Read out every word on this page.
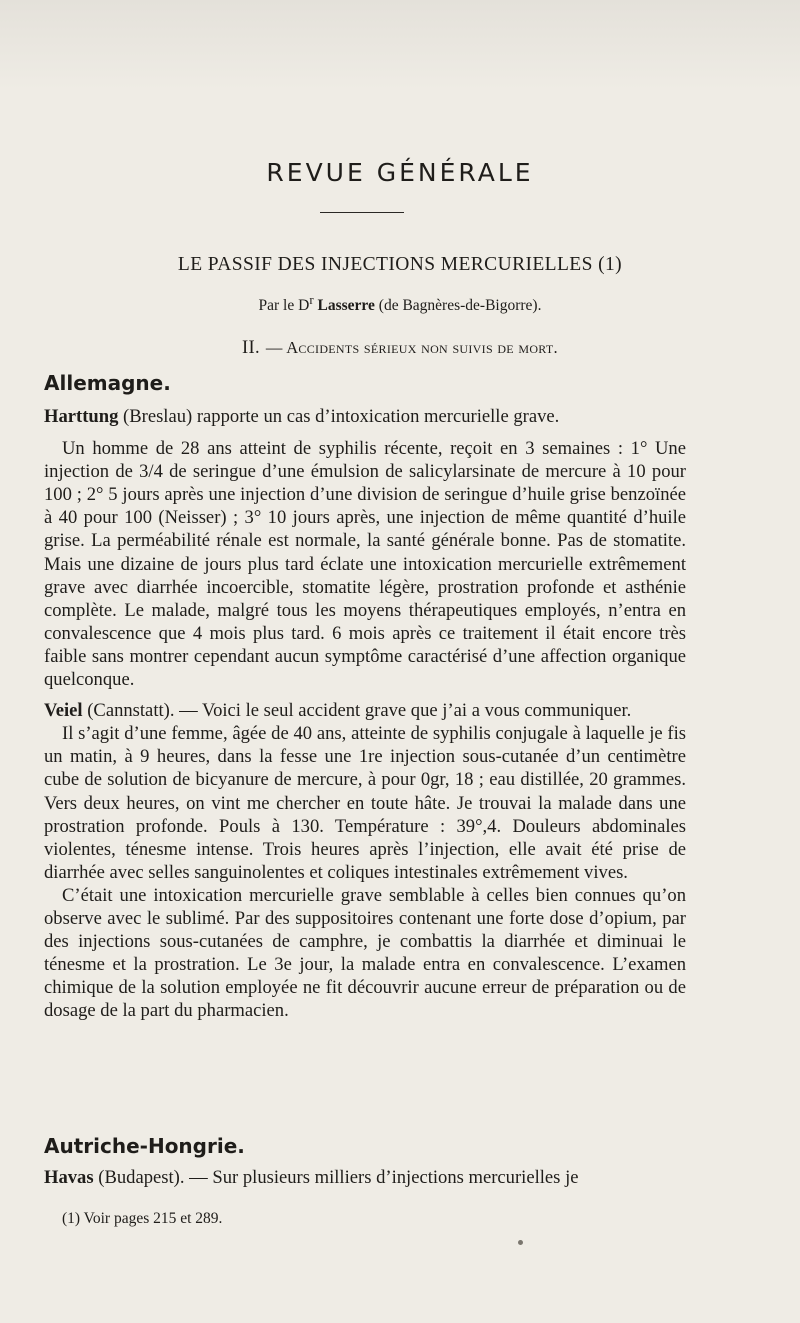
REVUE GÉNÉRALE
LE PASSIF DES INJECTIONS MERCURIELLES (1)
Par le $D^r$ Lasserre (de Bagnères-de-Bigorre).
II. — Accidents sérieux non suivis de mort.
Allemagne.

Harttung (Breslau) rapporte un cas d’intoxication mercurielle grave.

Un homme de 28 ans atteint de syphilis récente, reçoit en 3 semaines : 1° Une injection de 3/4 de seringue d’une émulsion de salicylarsinate de mercure à 10 pour 100 ; 2° 5 jours après une injection d’une division de seringue d’huile grise benzoïnée à 40 pour 100 (Neisser) ; 3° 10 jours après, une injection de même quantité d’huile grise. La perméabilité rénale est normale, la santé générale bonne. Pas de stomatite. Mais une dizaine de jours plus tard éclate une intoxication mercurielle extrêmement grave avec diarrhée incoercible, stomatite légère, prostration profonde et asthénie complète. Le malade, malgré tous les moyens thérapeutiques employés, n’entra en convalescence que 4 mois plus tard. 6 mois après ce traitement il était encore très faible sans montrer cependant aucun symptôme caractérisé d’une affection organique quelconque.

Veiel (Cannstatt). — Voici le seul accident grave que j’ai a vous communiquer.

Il s’agit d’une femme, âgée de 40 ans, atteinte de syphilis conjugale à laquelle je fis un matin, à 9 heures, dans la fesse une 1re injection sous-cutanée d’un centimètre cube de solution de bicyanure de mercure, à pour 0gr, 18 ; eau distillée, 20 grammes. Vers deux heures, on vint me chercher en toute hâte. Je trouvai la malade dans une prostration profonde. Pouls à 130. Température : 39°,4. Douleurs abdominales violentes, ténesme intense. Trois heures après l’injection, elle avait été prise de diarrhée avec selles sanguinolentes et coliques intestinales extrêmement vives.

C’était une intoxication mercurielle grave semblable à celles bien connues qu’on observe avec le sublimé. Par des suppositoires contenant une forte dose d’opium, par des injections sous-cutanées de camphre, je combattis la diarrhée et diminuai le ténesme et la prostration. Le 3e jour, la malade entra en convalescence. L’examen chimique de la solution employée ne fit découvrir aucune erreur de préparation ou de dosage de la part du pharmacien.

Autriche-Hongrie.

Havas (Budapest). — Sur plusieurs milliers d’injections mercurielles je

(1) Voir pages 215 et 289.
